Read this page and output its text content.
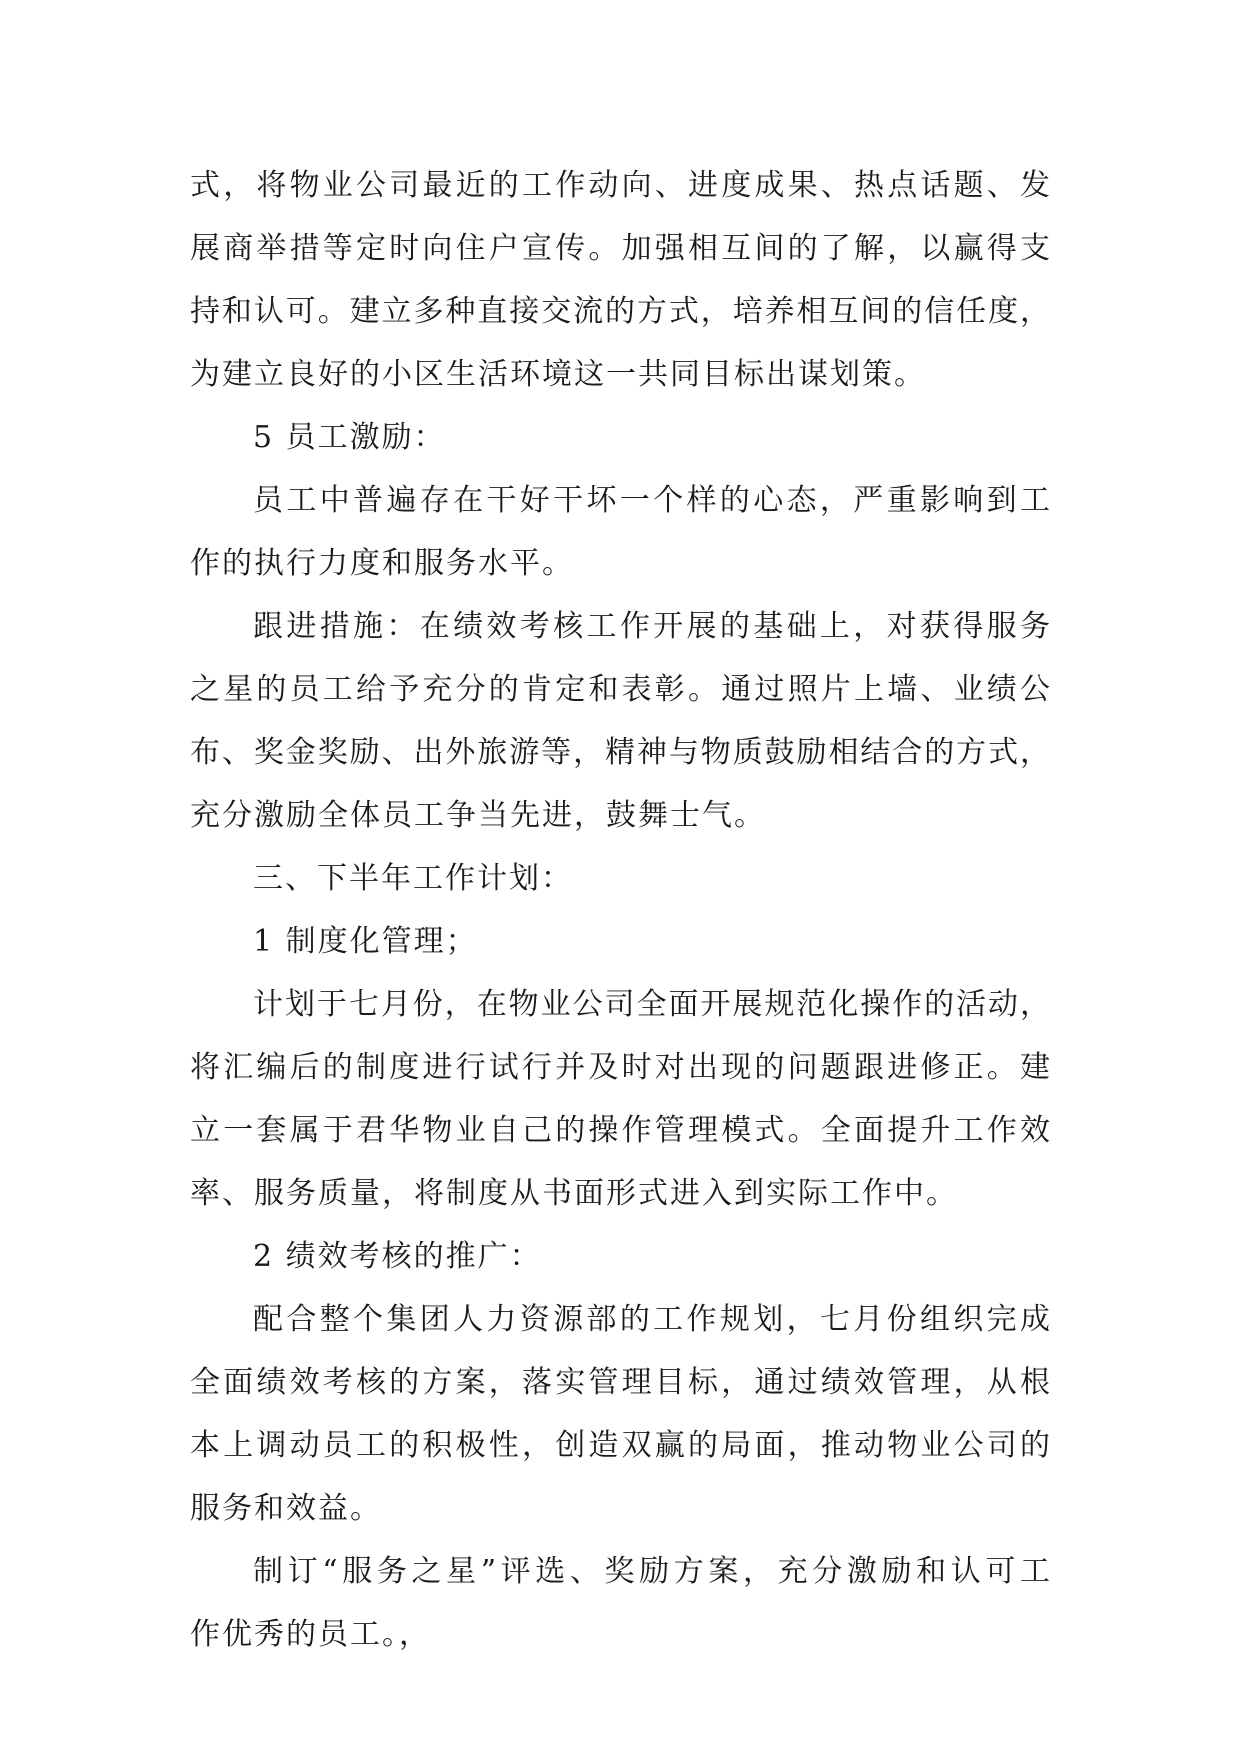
式，将物业公司最近的工作动向、进度成果、热点话题、发
展商举措等定时向住户宣传。加强相互间的了解，以赢得支
持和认可。建立多种直接交流的方式，培养相互间的信任度，
为建立良好的小区生活环境这一共同目标出谋划策。
5 员工激励：
员工中普遍存在干好干坏一个样的心态，严重影响到工
作的执行力度和服务水平。
跟进措施：在绩效考核工作开展的基础上，对获得服务
之星的员工给予充分的肯定和表彰。通过照片上墙、业绩公
布、奖金奖励、出外旅游等，精神与物质鼓励相结合的方式，
充分激励全体员工争当先进，鼓舞士气。
三、下半年工作计划：
1 制度化管理；
计划于七月份，在物业公司全面开展规范化操作的活动，
将汇编后的制度进行试行并及时对出现的问题跟进修正。建
立一套属于君华物业自己的操作管理模式。全面提升工作效
率、服务质量，将制度从书面形式进入到实际工作中。
2 绩效考核的推广：
配合整个集团人力资源部的工作规划，七月份组织完成
全面绩效考核的方案，落实管理目标，通过绩效管理，从根
本上调动员工的积极性，创造双赢的局面，推动物业公司的
服务和效益。
制订“服务之星”评选、奖励方案，充分激励和认可工
作优秀的员工。，
